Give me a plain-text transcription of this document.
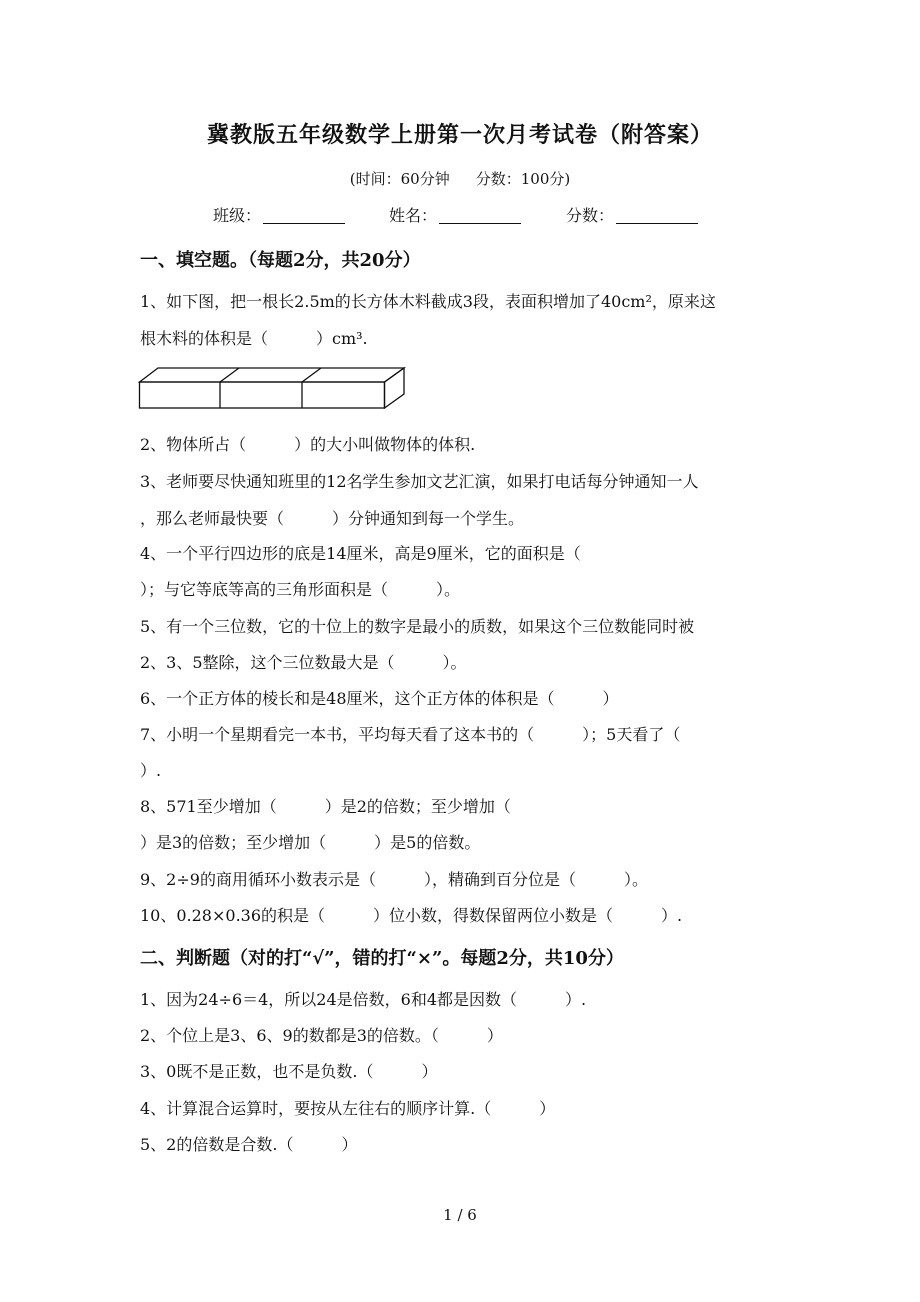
冀教版五年级数学上册第一次月考试卷（附答案）
(时间：60分钟 分数：100分)
班级：	姓名：	分数：
一、填空题。（每题2分，共20分）
1、如下图，把一根长2.5m的长方体木料截成3段，表面积增加了40cm²，原来这
根木料的体积是（　　　）cm³.
2、物体所占（　　　）的大小叫做物体的体积.
3、老师要尽快通知班里的12名学生参加文艺汇演，如果打电话每分钟通知一人
，那么老师最快要（　　　）分钟通知到每一个学生。
4、一个平行四边形的底是14厘米，高是9厘米，它的面积是（
）；与它等底等高的三角形面积是（　　　）。
5、有一个三位数，它的十位上的数字是最小的质数，如果这个三位数能同时被
2、3、5整除，这个三位数最大是（　　　）。
6、一个正方体的棱长和是48厘米，这个正方体的体积是（　　　）
7、小明一个星期看完一本书，平均每天看了这本书的（　　　）；5天看了（
）.
8、571至少增加（　　　）是2的倍数；至少增加（
）是3的倍数；至少增加（　　　）是5的倍数。
9、2÷9的商用循环小数表示是（　　　），精确到百分位是（　　　）。
10、0.28×0.36的积是（　　　）位小数，得数保留两位小数是（　　　）.
二、判断题（对的打“√”，错的打“×”。每题2分，共10分）
1、因为24÷6＝4，所以24是倍数，6和4都是因数（　　　）.
2、个位上是3、6、9的数都是3的倍数。（　　　）
3、0既不是正数，也不是负数.（　　　）
4、计算混合运算时，要按从左往右的顺序计算.（　　　）
5、2的倍数是合数.（　　　）
1 / 6
